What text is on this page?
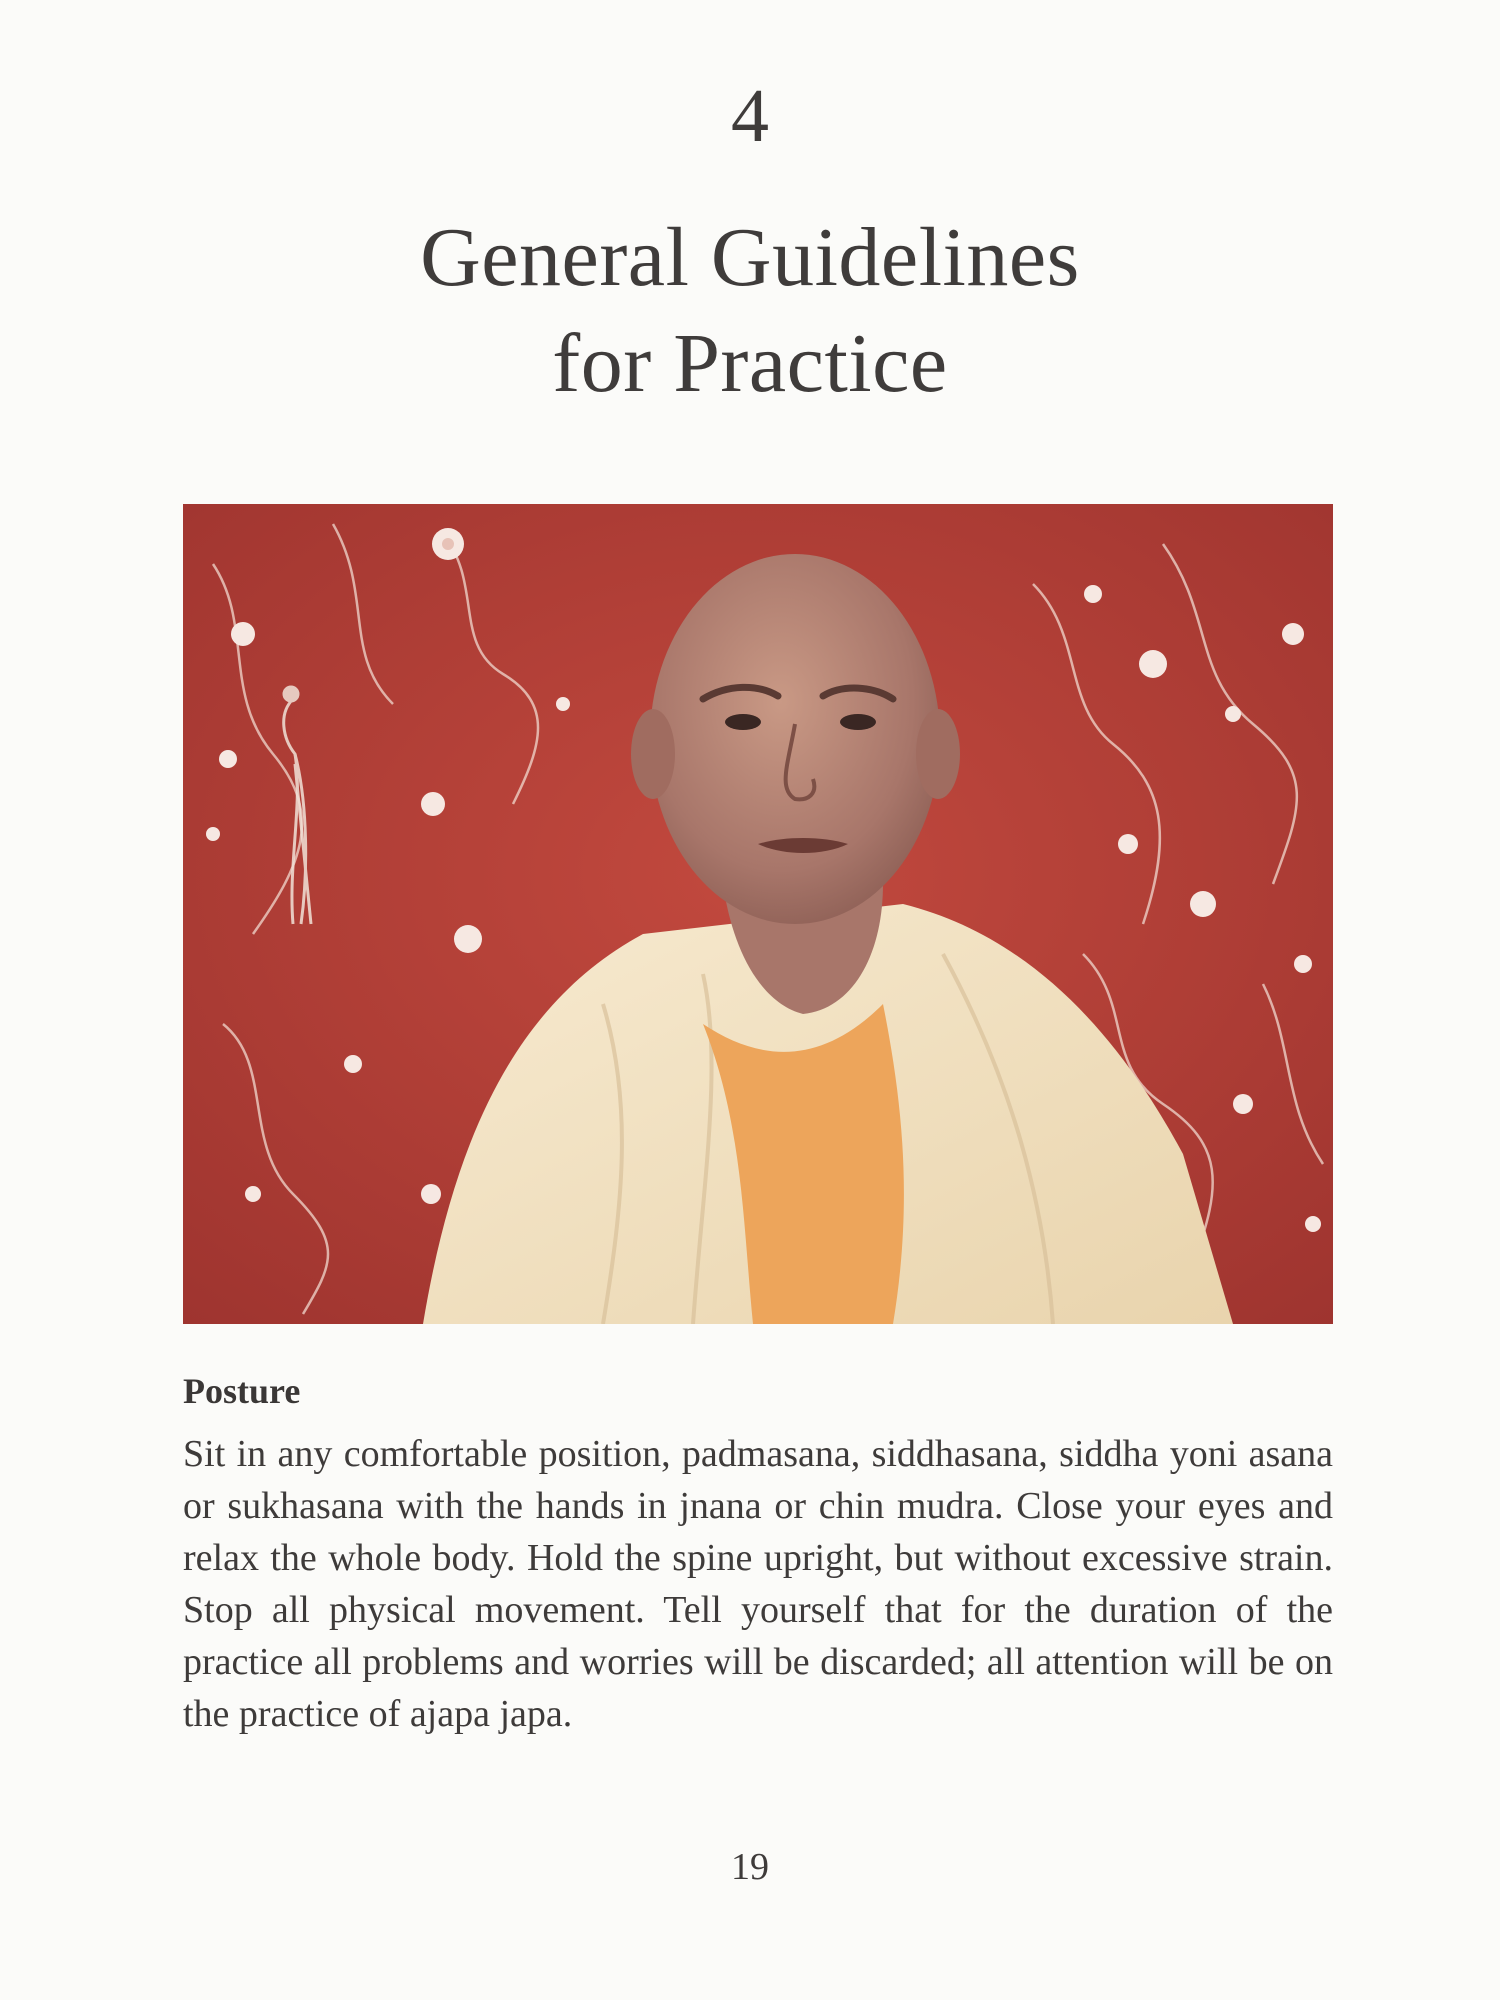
4
General Guidelines
for Practice
Posture

Sit in any comfortable position, padmasana, siddhasana, siddha yoni asana or sukhasana with the hands in jnana or chin mudra. Close your eyes and relax the whole body. Hold the spine upright, but without excessive strain. Stop all physical movement. Tell yourself that for the duration of the practice all problems and worries will be discarded; all attention will be on the practice of ajapa japa.

19
